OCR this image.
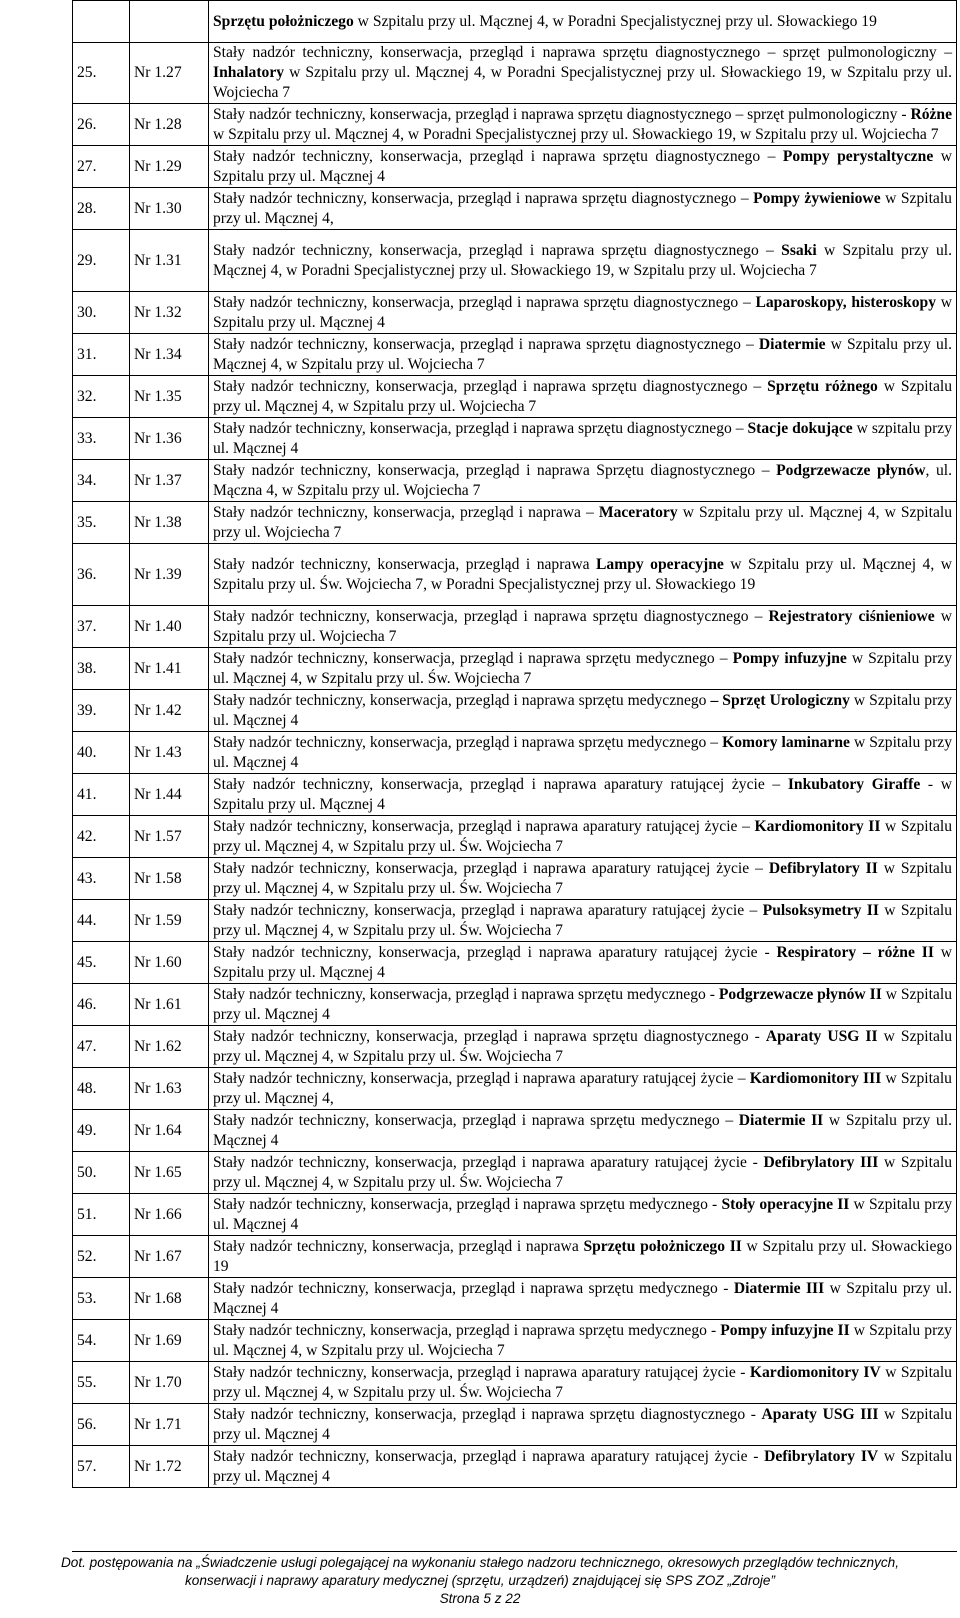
		Sprzętu położniczego w Szpitalu przy ul. Mącznej 4, w Poradni Specjalistycznej przy ul. Słowackiego 19
25.	Nr 1.27	Stały nadzór techniczny, konserwacja, przegląd i naprawa sprzętu diagnostycznego – sprzęt pulmonologiczny – Inhalatory w Szpitalu przy ul. Mącznej 4, w Poradni Specjalistycznej przy ul. Słowackiego 19, w Szpitalu przy ul. Wojciecha 7
26.	Nr 1.28	Stały nadzór techniczny, konserwacja, przegląd i naprawa sprzętu diagnostycznego – sprzęt pulmonologiczny - Różne w Szpitalu przy ul. Mącznej 4, w Poradni Specjalistycznej przy ul. Słowackiego 19, w Szpitalu przy ul. Wojciecha 7
27.	Nr 1.29	Stały nadzór techniczny, konserwacja, przegląd i naprawa sprzętu diagnostycznego – Pompy perystaltyczne w Szpitalu przy ul. Mącznej 4
28.	Nr 1.30	Stały nadzór techniczny, konserwacja, przegląd i naprawa sprzętu diagnostycznego – Pompy żywieniowe w Szpitalu przy ul. Mącznej 4,
29.	Nr 1.31	Stały nadzór techniczny, konserwacja, przegląd i naprawa sprzętu diagnostycznego – Ssaki w Szpitalu przy ul. Mącznej 4, w Poradni Specjalistycznej przy ul. Słowackiego 19, w Szpitalu przy ul. Wojciecha 7
30.	Nr 1.32	Stały nadzór techniczny, konserwacja, przegląd i naprawa sprzętu diagnostycznego – Laparoskopy, histeroskopy w Szpitalu przy ul. Mącznej 4
31.	Nr 1.34	Stały nadzór techniczny, konserwacja, przegląd i naprawa sprzętu diagnostycznego – Diatermie w Szpitalu przy ul. Mącznej 4, w Szpitalu przy ul. Wojciecha 7
32.	Nr 1.35	Stały nadzór techniczny, konserwacja, przegląd i naprawa sprzętu diagnostycznego – Sprzętu różnego w Szpitalu przy ul. Mącznej 4, w Szpitalu przy ul. Wojciecha 7
33.	Nr 1.36	Stały nadzór techniczny, konserwacja, przegląd i naprawa sprzętu diagnostycznego – Stacje dokujące w szpitalu przy ul. Mącznej 4
34.	Nr 1.37	Stały nadzór techniczny, konserwacja, przegląd i naprawa Sprzętu diagnostycznego – Podgrzewacze płynów, ul. Mączna 4, w Szpitalu przy ul. Wojciecha 7
35.	Nr 1.38	Stały nadzór techniczny, konserwacja, przegląd i naprawa – Maceratory w Szpitalu przy ul. Mącznej 4, w Szpitalu przy ul. Wojciecha 7
36.	Nr 1.39	Stały nadzór techniczny, konserwacja, przegląd i naprawa Lampy operacyjne w Szpitalu przy ul. Mącznej 4, w Szpitalu przy ul. Św. Wojciecha 7, w Poradni Specjalistycznej przy ul. Słowackiego 19
37.	Nr 1.40	Stały nadzór techniczny, konserwacja, przegląd i naprawa sprzętu diagnostycznego – Rejestratory ciśnieniowe w Szpitalu przy ul. Wojciecha 7
38.	Nr 1.41	Stały nadzór techniczny, konserwacja, przegląd i naprawa sprzętu medycznego – Pompy infuzyjne w Szpitalu przy ul. Mącznej 4, w Szpitalu przy ul. Św. Wojciecha 7
39.	Nr 1.42	Stały nadzór techniczny, konserwacja, przegląd i naprawa sprzętu medycznego – Sprzęt Urologiczny w Szpitalu przy ul. Mącznej 4
40.	Nr 1.43	Stały nadzór techniczny, konserwacja, przegląd i naprawa sprzętu medycznego – Komory laminarne w Szpitalu przy ul. Mącznej 4
41.	Nr 1.44	Stały nadzór techniczny, konserwacja, przegląd i naprawa aparatury ratującej życie – Inkubatory Giraffe - w Szpitalu przy ul. Mącznej 4
42.	Nr 1.57	Stały nadzór techniczny, konserwacja, przegląd i naprawa aparatury ratującej życie – Kardiomonitory II w Szpitalu przy ul. Mącznej 4, w Szpitalu przy ul. Św. Wojciecha 7
43.	Nr 1.58	Stały nadzór techniczny, konserwacja, przegląd i naprawa aparatury ratującej życie – Defibrylatory II w Szpitalu przy ul. Mącznej 4, w Szpitalu przy ul. Św. Wojciecha 7
44.	Nr 1.59	Stały nadzór techniczny, konserwacja, przegląd i naprawa aparatury ratującej życie – Pulsoksymetry II w Szpitalu przy ul. Mącznej 4, w Szpitalu przy ul. Św. Wojciecha 7
45.	Nr 1.60	Stały nadzór techniczny, konserwacja, przegląd i naprawa aparatury ratującej życie - Respiratory – różne II w Szpitalu przy ul. Mącznej 4
46.	Nr 1.61	Stały nadzór techniczny, konserwacja, przegląd i naprawa sprzętu medycznego - Podgrzewacze płynów II w Szpitalu przy ul. Mącznej 4
47.	Nr 1.62	Stały nadzór techniczny, konserwacja, przegląd i naprawa sprzętu diagnostycznego - Aparaty USG II w Szpitalu przy ul. Mącznej 4, w Szpitalu przy ul. Św. Wojciecha 7
48.	Nr 1.63	Stały nadzór techniczny, konserwacja, przegląd i naprawa aparatury ratującej życie – Kardiomonitory III w Szpitalu przy ul. Mącznej 4,
49.	Nr 1.64	Stały nadzór techniczny, konserwacja, przegląd i naprawa sprzętu medycznego – Diatermie II w Szpitalu przy ul. Mącznej 4
50.	Nr 1.65	Stały nadzór techniczny, konserwacja, przegląd i naprawa aparatury ratującej życie - Defibrylatory III w Szpitalu przy ul. Mącznej 4, w Szpitalu przy ul. Św. Wojciecha 7
51.	Nr 1.66	Stały nadzór techniczny, konserwacja, przegląd i naprawa sprzętu medycznego - Stoły operacyjne II w Szpitalu przy ul. Mącznej 4
52.	Nr 1.67	Stały nadzór techniczny, konserwacja, przegląd i naprawa Sprzętu położniczego II w Szpitalu przy ul. Słowackiego 19
53.	Nr 1.68	Stały nadzór techniczny, konserwacja, przegląd i naprawa sprzętu medycznego - Diatermie III w Szpitalu przy ul. Mącznej 4
54.	Nr 1.69	Stały nadzór techniczny, konserwacja, przegląd i naprawa sprzętu medycznego - Pompy infuzyjne II w Szpitalu przy ul. Mącznej 4, w Szpitalu przy ul. Wojciecha 7
55.	Nr 1.70	Stały nadzór techniczny, konserwacja, przegląd i naprawa aparatury ratującej życie - Kardiomonitory IV w Szpitalu przy ul. Mącznej 4, w Szpitalu przy ul. Św. Wojciecha 7
56.	Nr 1.71	Stały nadzór techniczny, konserwacja, przegląd i naprawa sprzętu diagnostycznego - Aparaty USG III w Szpitalu przy ul. Mącznej 4
57.	Nr 1.72	Stały nadzór techniczny, konserwacja, przegląd i naprawa aparatury ratującej życie - Defibrylatory IV w Szpitalu przy ul. Mącznej 4
Dot. postępowania na „Świadczenie usługi polegającej na wykonaniu stałego nadzoru technicznego, okresowych przeglądów technicznych,
konserwacji i naprawy aparatury medycznej (sprzętu, urządzeń) znajdującej się SPS ZOZ „Zdroje”
Strona 5 z 22
